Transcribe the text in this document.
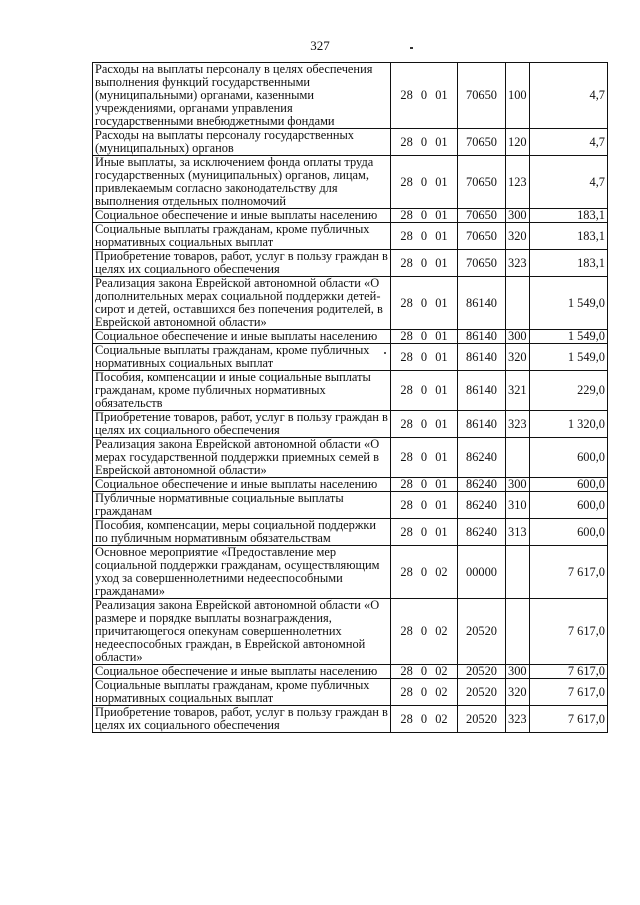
327
Расходы на выплаты персоналу в целях обеспечения выполнения функций государственными (муниципальными) органами, казенными учреждениями, органами управления государственными внебюджетными фондами	28 0 01	70650	100	4,7
Расходы на выплаты персоналу государственных (муниципальных) органов	28 0 01	70650	120	4,7
Иные выплаты, за исключением фонда оплаты труда государственных (муниципальных) органов, лицам, привлекаемым согласно законодательству для выполнения отдельных полномочий	28 0 01	70650	123	4,7
Социальное обеспечение и иные выплаты населению	28 0 01	70650	300	183,1
Социальные выплаты гражданам, кроме публичных нормативных социальных выплат	28 0 01	70650	320	183,1
Приобретение товаров, работ, услуг в пользу граждан в целях их социального обеспечения	28 0 01	70650	323	183,1
Реализация закона Еврейской автономной области «О дополнительных мерах социальной поддержки детей-сирот и детей, оставшихся без попечения родителей, в Еврейской автономной области»	28 0 01	86140		1 549,0
Социальное обеспечение и иные выплаты населению	28 0 01	86140	300	1 549,0
Социальные выплаты гражданам, кроме публичных нормативных социальных выплат	28 0 01	86140	320	1 549,0
Пособия, компенсации и иные социальные выплаты гражданам, кроме публичных нормативных обязательств	28 0 01	86140	321	229,0
Приобретение товаров, работ, услуг в пользу граждан в целях их социального обеспечения	28 0 01	86140	323	1 320,0
Реализация закона Еврейской автономной области «О мерах государственной поддержки приемных семей в Еврейской автономной области»	28 0 01	86240		600,0
Социальное обеспечение и иные выплаты населению	28 0 01	86240	300	600,0
Публичные нормативные социальные выплаты гражданам	28 0 01	86240	310	600,0
Пособия, компенсации, меры социальной поддержки по публичным нормативным обязательствам	28 0 01	86240	313	600,0
Основное мероприятие «Предоставление мер социальной поддержки гражданам, осуществляющим уход за совершеннолетними недееспособными гражданами»	28 0 02	00000		7 617,0
Реализация закона Еврейской автономной области «О размере и порядке выплаты вознаграждения, причитающегося опекунам совершеннолетних недееспособных граждан, в Еврейской автономной области»	28 0 02	20520		7 617,0
Социальное обеспечение и иные выплаты населению	28 0 02	20520	300	7 617,0
Социальные выплаты гражданам, кроме публичных нормативных социальных выплат	28 0 02	20520	320	7 617,0
Приобретение товаров, работ, услуг в пользу граждан в целях их социального обеспечения	28 0 02	20520	323	7 617,0
